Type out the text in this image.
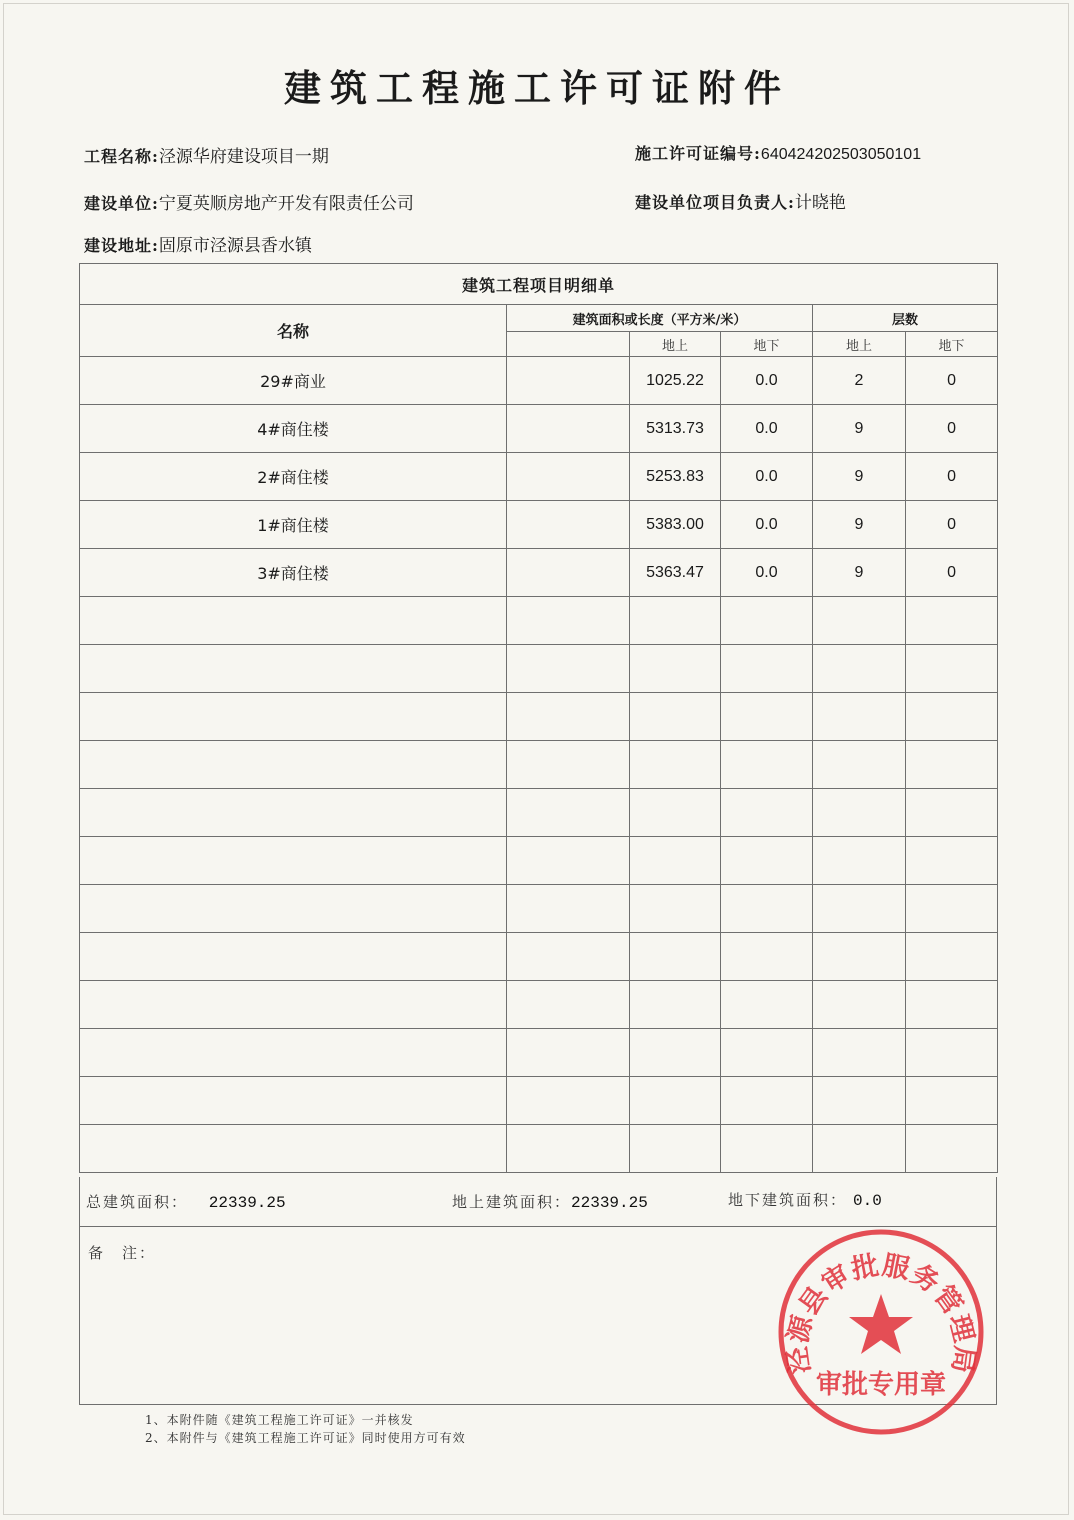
建筑工程施工许可证附件
工程名称:泾源华府建设项目一期	施工许可证编号:640424202503050101
建设单位:宁夏英顺房地产开发有限责任公司	建设单位项目负责人:计晓艳
建设地址:固原市泾源县香水镇
建筑工程项目明细单					
名称	建筑面积或长度（平方米/米）			层数	
		地上	地下	地上	地下
29#商业		1025.22	0.0	2	0
4#商住楼		5313.73	0.0	9	0
2#商住楼		5253.83	0.0	9	0
1#商住楼		5383.00	0.0	9	0
3#商住楼		5363.47	0.0	9	0

总建筑面积： 22339.25	地上建筑面积：22339.25	地下建筑面积： 0.0
备　注：
1、本附件随《建筑工程施工许可证》一并核发
2、本附件与《建筑工程施工许可证》同时使用方可有效
泾源县审批服务管理局
审批专用章
